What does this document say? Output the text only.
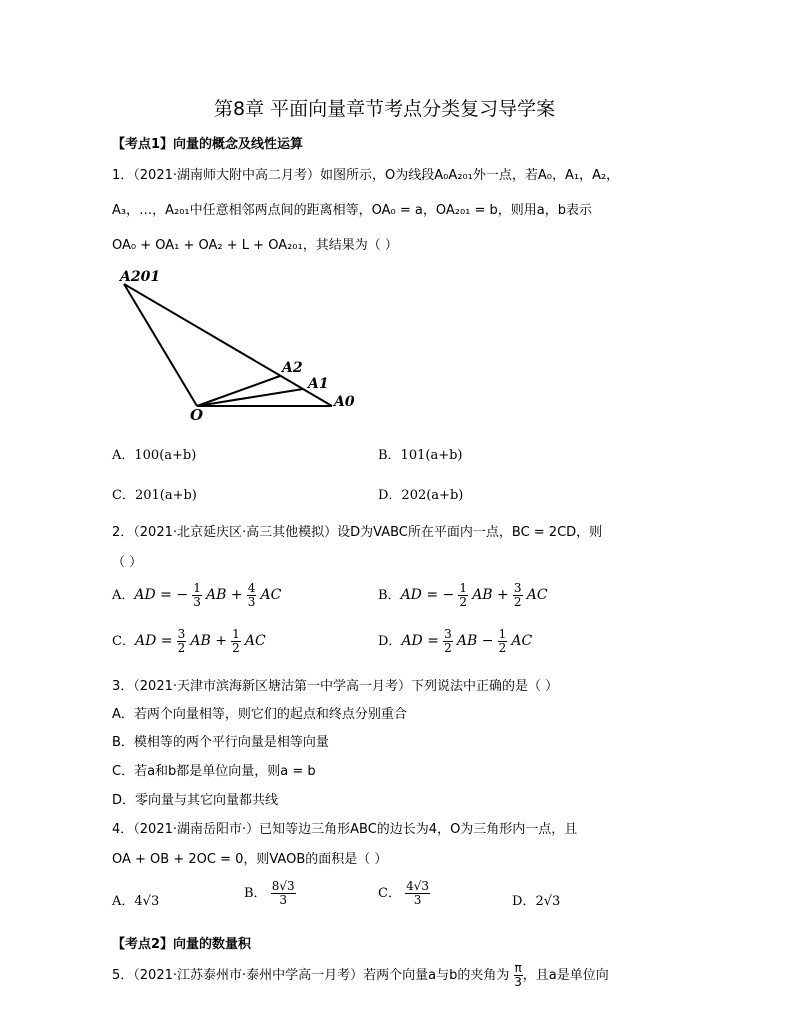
第8章 平面向量章节考点分类复习导学案
【考点1】向量的概念及线性运算
1．（2021·湖南师大附中高二月考）如图所示，O为线段A₀A₂₀₁外一点，若A₀，A₁，A₂，
A₃，…，A₂₀₁中任意相邻两点间的距离相等，OA₀ = a，OA₂₀₁ = b，则用a，b表示
OA₀ + OA₁ + OA₂ + L + OA₂₀₁，其结果为（ ）
A201
A2
A1
A0
O
A．100(a+b)	B．101(a+b)
C．201(a+b)	D．202(a+b)
2．（2021·北京延庆区·高三其他模拟）设D为VABC所在平面内一点，BC = 2CD，则
（ ）
A．AD = − $\frac{1}{3}$ AB + $\frac{4}{3}$ AC	B．AD = − $\frac{1}{2}$ AB + $\frac{3}{2}$ AC
C．AD = $\frac{3}{2}$ AB + $\frac{1}{2}$ AC	D．AD = $\frac{3}{2}$ AB − $\frac{1}{2}$ AC
3．（2021·天津市滨海新区塘沽第一中学高一月考）下列说法中正确的是（ ）
A．若两个向量相等，则它们的起点和终点分别重合
B．模相等的两个平行向量是相等向量
C．若a和b都是单位向量，则a = b
D．零向量与其它向量都共线
4．（2021·湖南岳阳市·）已知等边三角形ABC的边长为4，O为三角形内一点，且
OA + OB + 2OC = 0，则VAOB的面积是（ ）
A．4√3
B． $\frac{8√3}{3}$	C． $\frac{4√3}{3}$	D．2√3
【考点2】向量的数量积
5．（2021·江苏泰州市·泰州中学高一月考）若两个向量a与b的夹角为 $\frac{\pi}{3}$ ，且a是单位向
